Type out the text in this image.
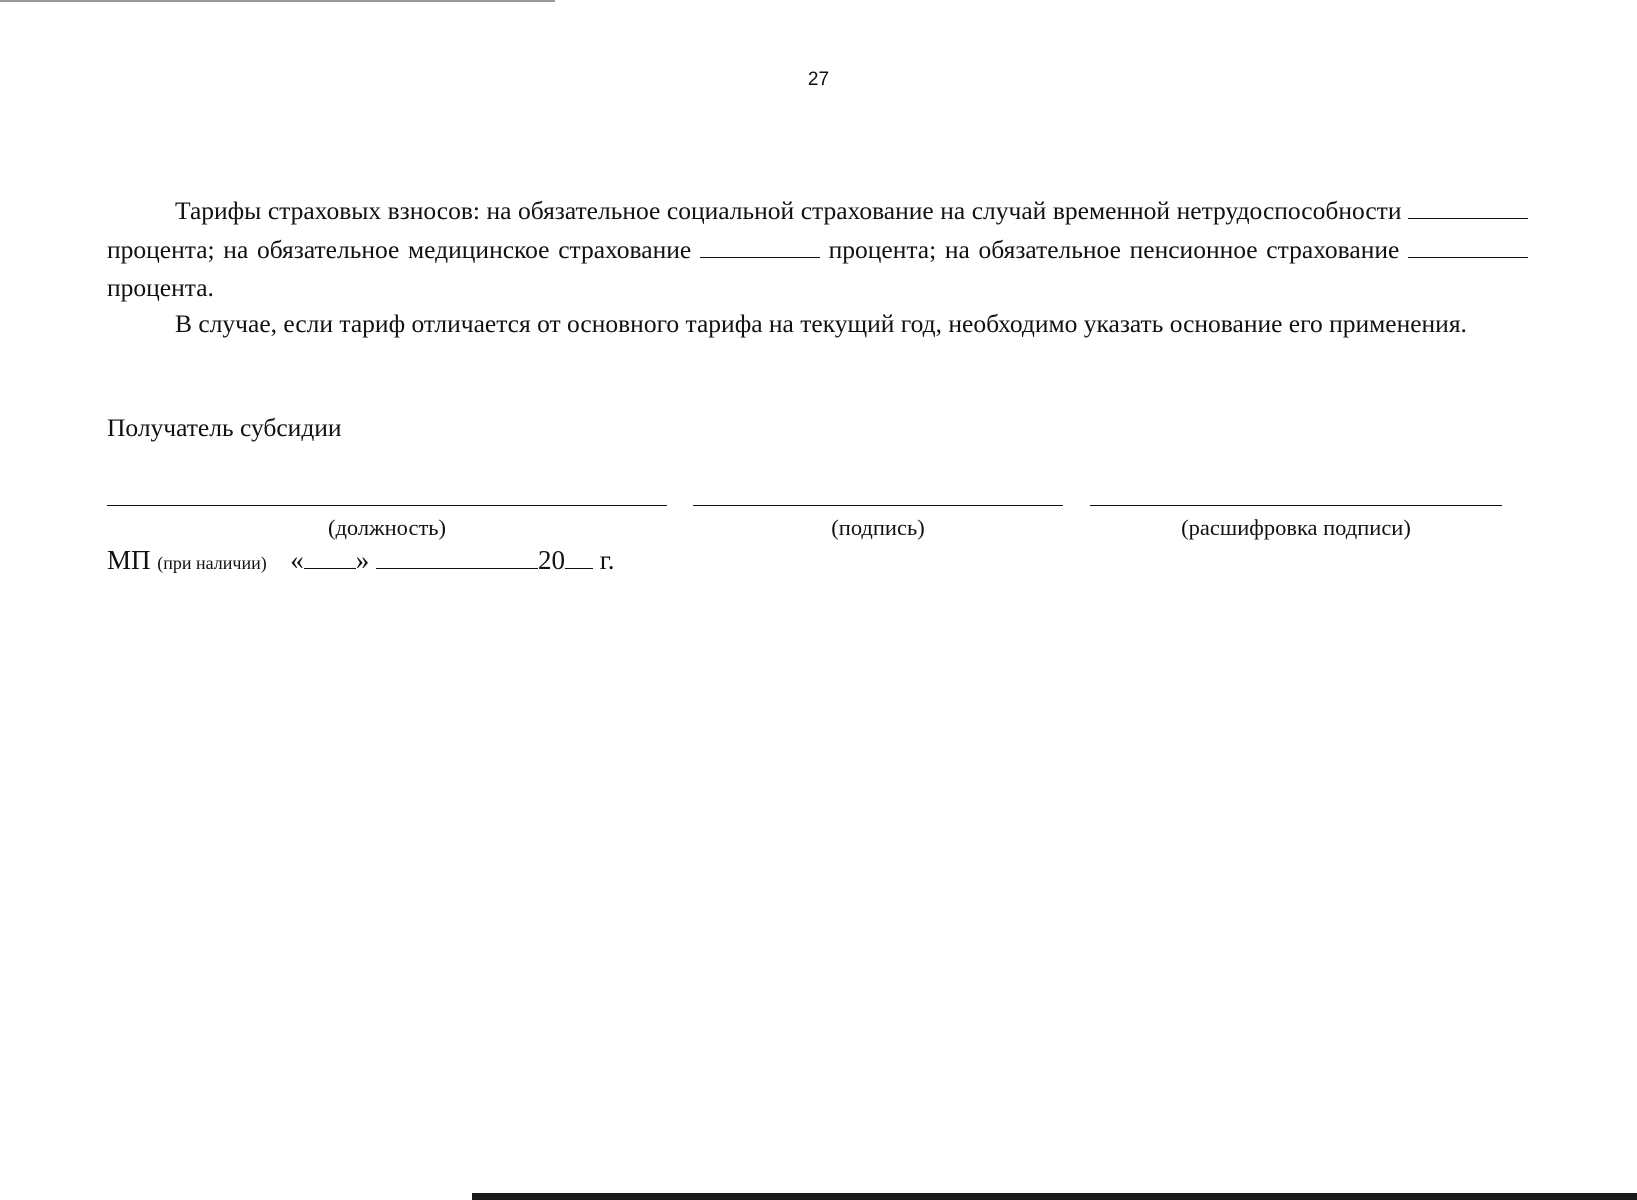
27
Тарифы страховых взносов: на обязательное социальной страхование на случай временной нетрудоспособности  процента; на обязательное медицинское страхование	процента; на обязательное пенсионное страхование  процента.
В случае, если тариф отличается от основного тарифа на текущий год, необходимо указать основание его применения.
Получатель субсидии
(должность)	(подпись)	(расшифровка подписи)
МП (при наличии) « »	20 г.
